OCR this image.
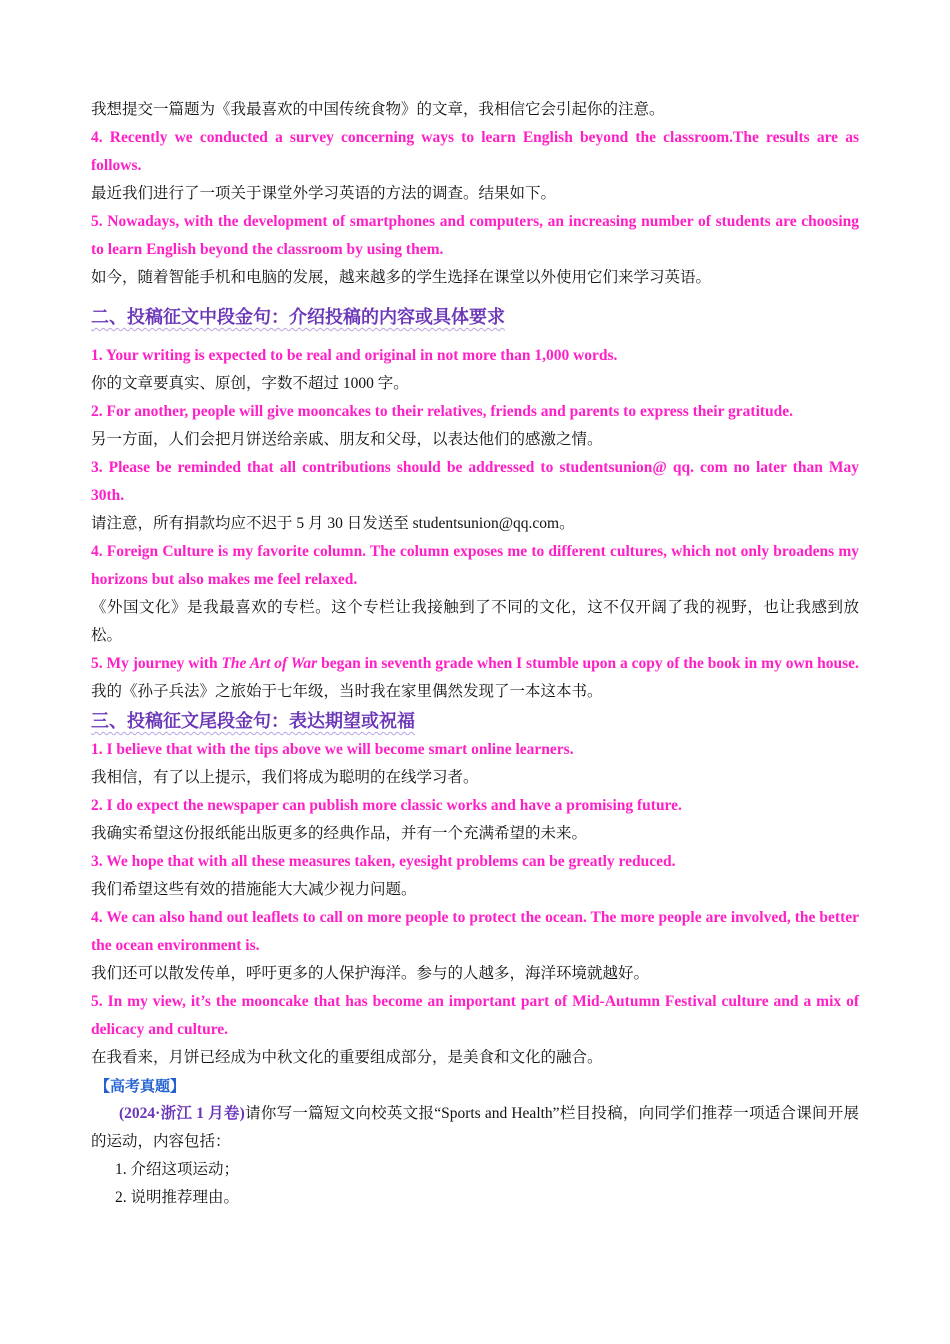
我想提交一篇题为《我最喜欢的中国传统食物》的文章，我相信它会引起你的注意。

4. Recently we conducted a survey concerning ways to learn English beyond the classroom.The results are as follows.

最近我们进行了一项关于课堂外学习英语的方法的调查。结果如下。

5. Nowadays, with the development of smartphones and computers, an increasing number of students are choosing to learn English beyond the classroom by using them.

如今，随着智能手机和电脑的发展，越来越多的学生选择在课堂以外使用它们来学习英语。

二、投稿征文中段金句：介绍投稿的内容或具体要求

1. Your writing is expected to be real and original in not more than 1,000 words.

你的文章要真实、原创，字数不超过 1000 字。

2. For another, people will give mooncakes to their relatives, friends and parents to express their gratitude.

另一方面，人们会把月饼送给亲戚、朋友和父母，以表达他们的感激之情。

3. Please be reminded that all contributions should be addressed to studentsunion@ qq. com no later than May 30th.

请注意，所有捐款均应不迟于 5 月 30 日发送至 studentsunion@qq.com。

4. Foreign Culture is my favorite column. The column exposes me to different cultures, which not only broadens my horizons but also makes me feel relaxed.

《外国文化》是我最喜欢的专栏。这个专栏让我接触到了不同的文化，这不仅开阔了我的视野，也让我感到放松。

5. My journey with The Art of War began in seventh grade when I stumble upon a copy of the book in my own house.

我的《孙子兵法》之旅始于七年级，当时我在家里偶然发现了一本这本书。

三、投稿征文尾段金句：表达期望或祝福

1. I believe that with the tips above we will become smart online learners.

我相信，有了以上提示，我们将成为聪明的在线学习者。

2. I do expect the newspaper can publish more classic works and have a promising future.

我确实希望这份报纸能出版更多的经典作品，并有一个充满希望的未来。

3. We hope that with all these measures taken, eyesight problems can be greatly reduced.

我们希望这些有效的措施能大大减少视力问题。

4. We can also hand out leaflets to call on more people to protect the ocean. The more people are involved, the better the ocean environment is.

我们还可以散发传单，呼吁更多的人保护海洋。参与的人越多，海洋环境就越好。

5. In my view, it’s the mooncake that has become an important part of Mid-Autumn Festival culture and a mix of delicacy and culture.

在我看来，月饼已经成为中秋文化的重要组成部分，是美食和文化的融合。

【高考真题】

(2024·浙江 1 月卷)请你写一篇短文向校英文报“Sports and Health”栏目投稿，向同学们推荐一项适合课间开展的运动，内容包括：

1. 介绍这项运动；

2. 说明推荐理由。
